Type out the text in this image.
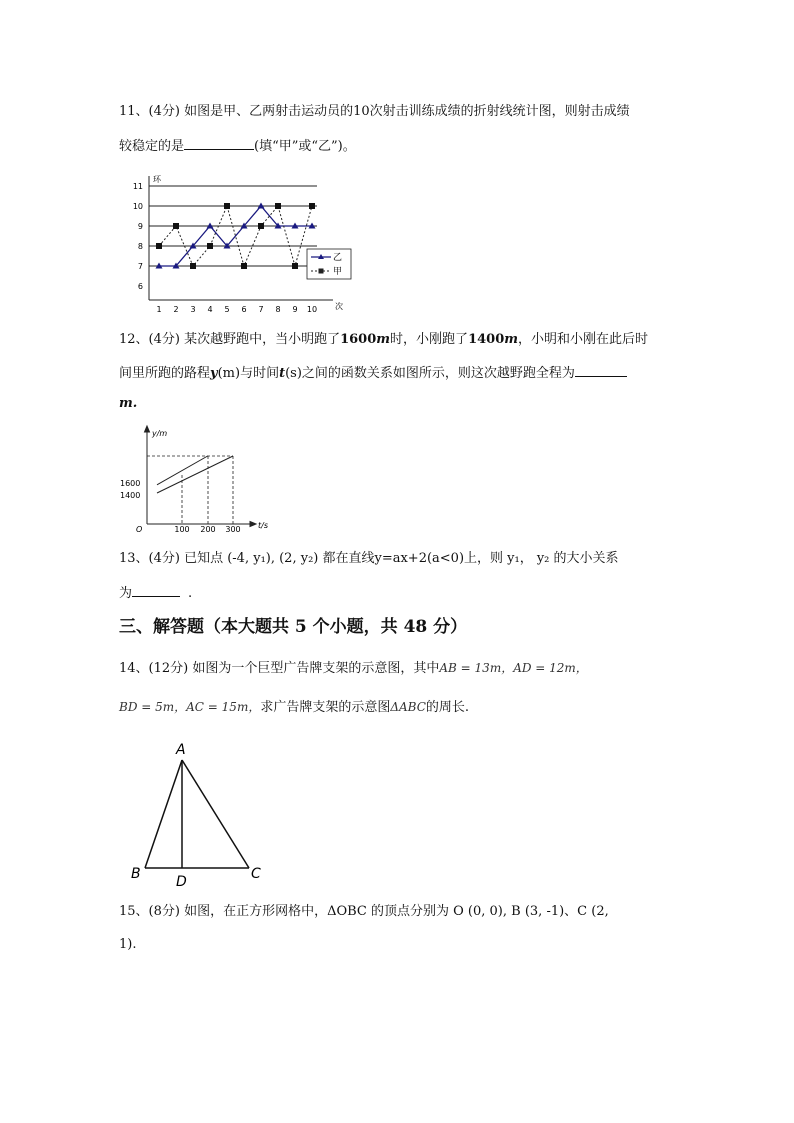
11、(4分) 如图是甲、乙两射击运动员的10次射击训练成绩的折射线统计图，则射击成绩
较稳定的是	(填“甲”或“乙”)。
环
次
11
10
9
8
7
6
1 2 3 4 5 6 7 8 9 10
乙
甲
12、(4分) 某次越野跑中，当小明跑了1600m时，小刚跑了1400m，小明和小刚在此后时
间里所跑的路程y(m)与时间t(s)之间的函数关系如图所示，则这次越野跑全程为
m.
y/m
t/s
O
1600
1400
100 200 300
13、(4分) 已知点 (-4, y₁), (2, y₂) 都在直线y=ax+2(a<0)上，则 y₁， y₂ 的大小关系
为	.
三、解答题（本大题共 5 个小题，共 48 分）
14、(12分) 如图为一个巨型广告牌支架的示意图，其中AB = 13m，AD = 12m，
BD = 5m，AC = 15m，求广告牌支架的示意图ΔABC的周长.
A
B	C
D
15、(8分) 如图，在正方形网格中，ΔOBC 的顶点分别为 O (0, 0), B (3, -1)、C (2,
1).
